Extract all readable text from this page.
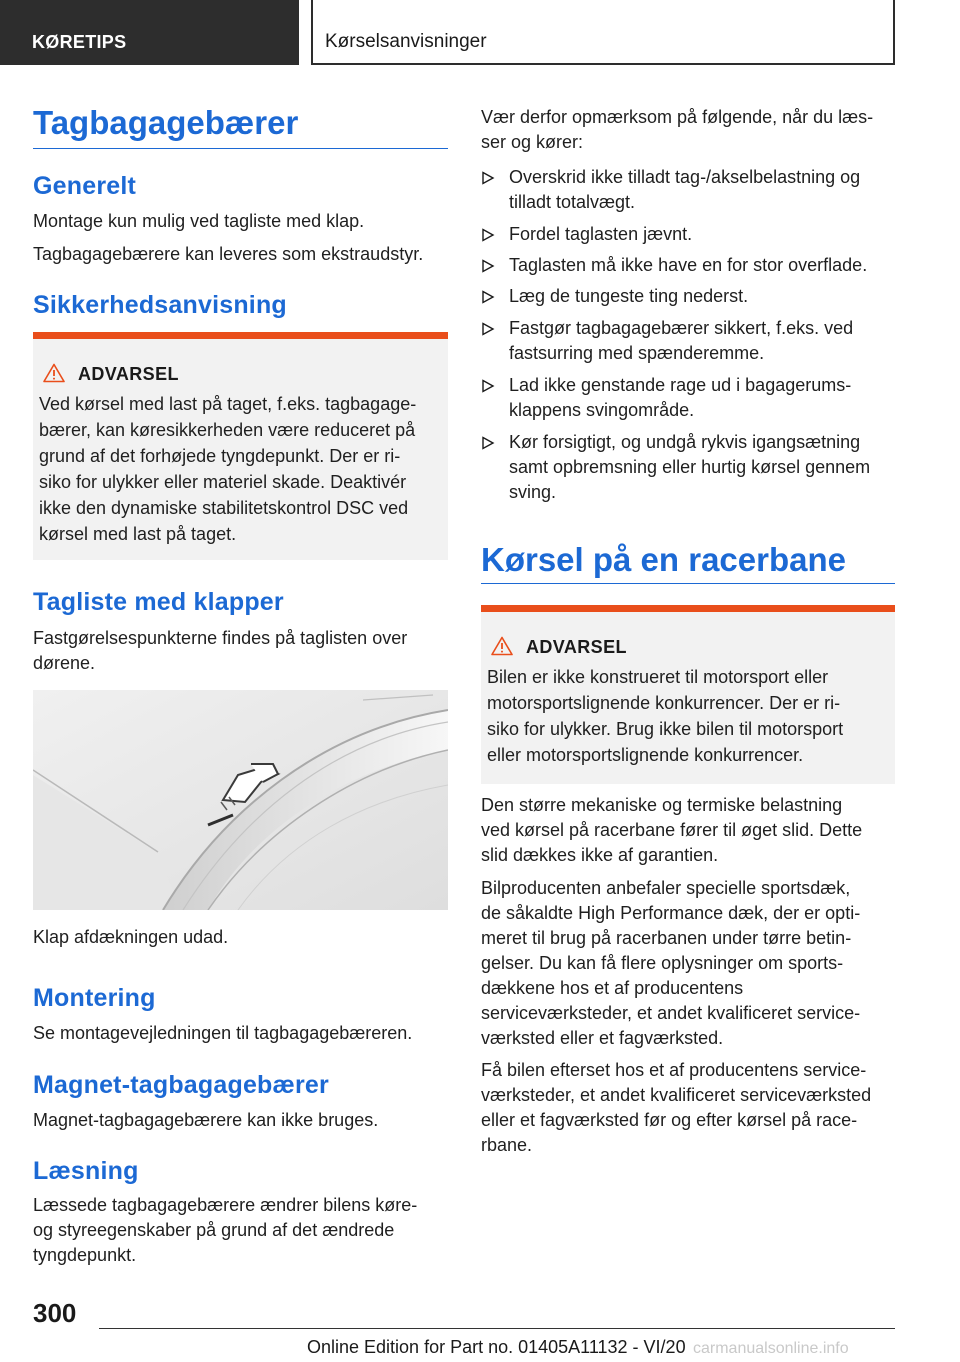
KØRETIPS	Kørselsanvisninger
Tagbagagebærer
Generelt
Montage kun mulig ved tagliste med klap.
Tagbagagebærere kan leveres som ekstraudstyr.
Sikkerhedsanvisning
ADVARSEL
Ved kørsel med last på taget, f.eks. tagbagage-
bærer, kan køresikkerheden være reduceret på
grund af det forhøjede tyngdepunkt. Der er ri-
siko for ulykker eller materiel skade. Deaktivér
ikke den dynamiske stabilitetskontrol DSC ved
kørsel med last på taget.
Tagliste med klapper
Fastgørelsespunkterne findes på taglisten over
dørene.
Klap afdækningen udad.
Montering
Se montagevejledningen til tagbagagebæreren.
Magnet‑tagbagagebærer
Magnet-tagbagagebærere kan ikke bruges.
Læsning
Læssede tagbagagebærere ændrer bilens køre-
og styreegenskaber på grund af det ændrede
tyngdepunkt.
Vær derfor opmærksom på følgende, når du læs-
ser og kører:
Overskrid ikke tilladt tag-/akselbelastning og
tilladt totalvægt.
Fordel taglasten jævnt.
Taglasten må ikke have en for stor overflade.
Læg de tungeste ting nederst.
Fastgør tagbagagebærer sikkert, f.eks. ved
fastsurring med spænderemme.
Lad ikke genstande rage ud i bagagerums-
klappens svingområde.
Kør forsigtigt, og undgå rykvis igangsætning
samt opbremsning eller hurtig kørsel gennem
sving.
Kørsel på en racerbane
ADVARSEL
Bilen er ikke konstrueret til motorsport eller
motorsportslignende konkurrencer. Der er ri-
siko for ulykker. Brug ikke bilen til motorsport
eller motorsportslignende konkurrencer.
Den større mekaniske og termiske belastning
ved kørsel på racerbane fører til øget slid. Dette
slid dækkes ikke af garantien.
Bilproducenten anbefaler specielle sportsdæk,
de såkaldte High Performance dæk, der er opti-
meret til brug på racerbanen under tørre betin-
gelser. Du kan få flere oplysninger om sports-
dækkene hos et af producentens
serviceværksteder, et andet kvalificeret service-
værksted eller et fagværksted.
Få bilen efterset hos et af producentens service-
værksteder, et andet kvalificeret serviceværksted
eller et fagværksted før og efter kørsel på race-
rbane.
300
Online Edition for Part no. 01405A11132 - VI/20 carmanualsonline.info
